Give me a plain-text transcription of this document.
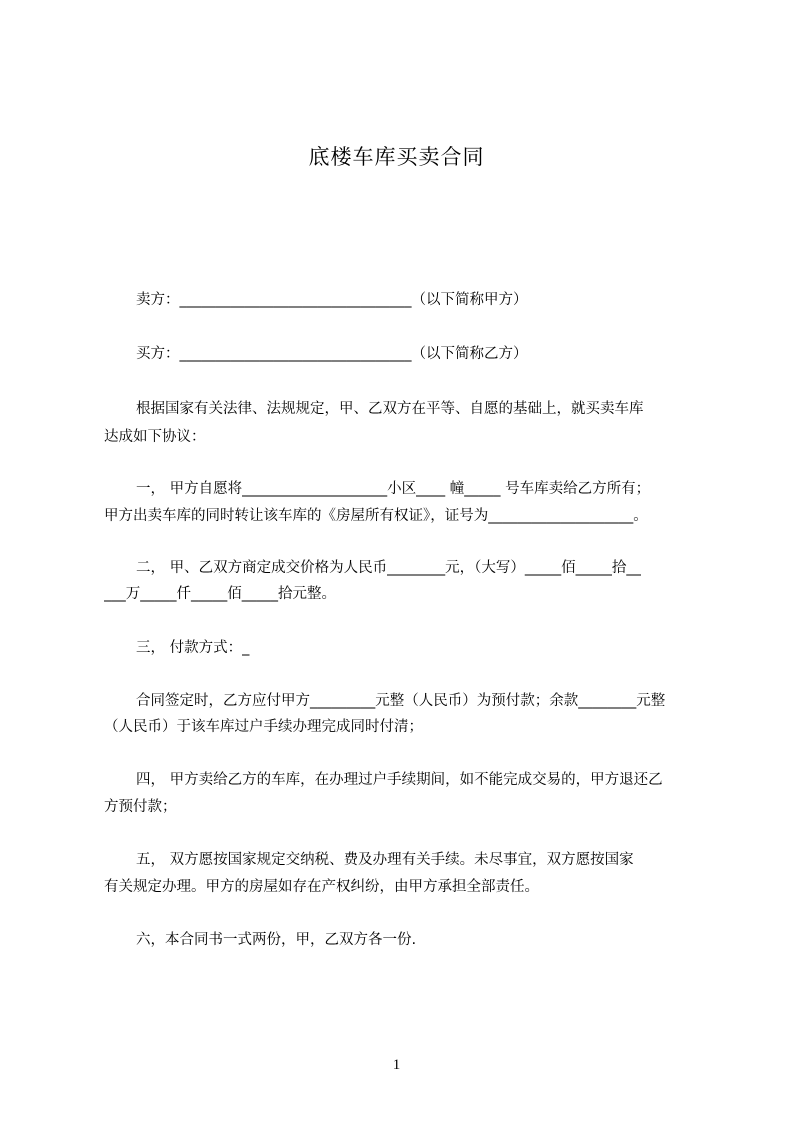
底楼车库买卖合同
卖方：________________________________（以下简称甲方）
买方：________________________________（以下简称乙方）
根据国家有关法律、法规规定，甲、乙双方在平等、自愿的基础上，就买卖车库
达成如下协议：
一， 甲方自愿将____________________小区____ 幢_____ 号车库卖给乙方所有；
甲方出卖车库的同时转让该车库的《房屋所有权证》，证号为____________________。
二， 甲、乙双方商定成交价格为人民币________元，（大写）_____佰_____拾__
___万_____仟_____佰_____拾元整。
三， 付款方式：_
合同签定时，乙方应付甲方_________元整（人民币）为预付款；余款________元整
（人民币）于该车库过户手续办理完成同时付清；
四， 甲方卖给乙方的车库，在办理过户手续期间，如不能完成交易的，甲方退还乙
方预付款；
五， 双方愿按国家规定交纳税、费及办理有关手续。未尽事宜，双方愿按国家
有关规定办理。甲方的房屋如存在产权纠纷，由甲方承担全部责任。
六，本合同书一式两份，甲，乙双方各一份.
1
